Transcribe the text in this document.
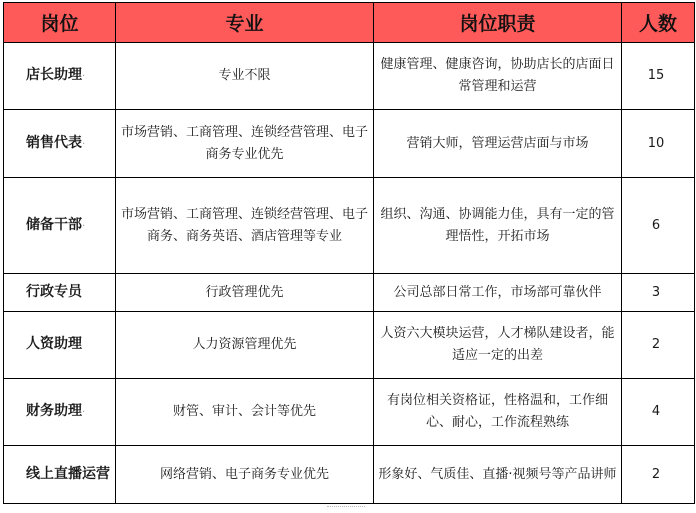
岗位	专业	岗位职责	人数
店长助理·	专业不限	健康管理、健康咨询，协助店长的店面日常管理和运营	15
销售代表·	市场营销、工商管理、连锁经营管理、电子商务专业优先	营销大师，管理运营店面与市场	10
储备干部·	市场营销、工商管理、连锁经营管理、电子商务、商务英语、酒店管理等专业	组织、沟通、协调能力佳，具有一定的管理悟性，开拓市场	6
行政专员	行政管理优先	公司总部日常工作，市场部可靠伙伴	3
人资助理	人力资源管理优先	人资六大模块运营，人才梯队建设者，能适应一定的出差	2
财务助理·	财管、审计、会计等优先	有岗位相关资格证，性格温和，工作细心、耐心，工作流程熟练	4
线上直播运营	网络营销、电子商务专业优先	形象好、气质佳、直播·视频号等产品讲师	2
